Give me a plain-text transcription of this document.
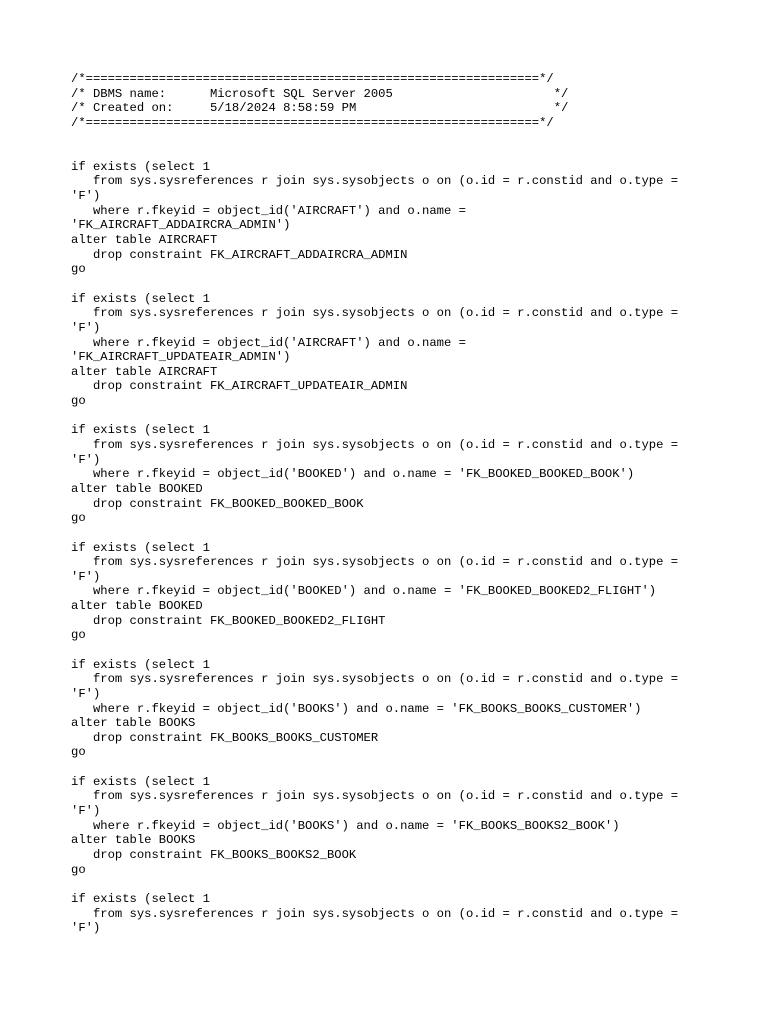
/*==============================================================*/
/* DBMS name:	Microsoft SQL Server 2005	*/
/* Created on:	5/18/2024 8:58:59 PM	*/
/*==============================================================*/
if exists (select 1
from sys.sysreferences r join sys.sysobjects o on (o.id = r.constid and o.type =
'F')
where r.fkeyid = object_id('AIRCRAFT') and o.name =
'FK_AIRCRAFT_ADDAIRCRA_ADMIN')
alter table AIRCRAFT
drop constraint FK_AIRCRAFT_ADDAIRCRA_ADMIN
go
if exists (select 1
from sys.sysreferences r join sys.sysobjects o on (o.id = r.constid and o.type =
'F')
where r.fkeyid = object_id('AIRCRAFT') and o.name =
'FK_AIRCRAFT_UPDATEAIR_ADMIN')
alter table AIRCRAFT
drop constraint FK_AIRCRAFT_UPDATEAIR_ADMIN
go
if exists (select 1
from sys.sysreferences r join sys.sysobjects o on (o.id = r.constid and o.type =
'F')
where r.fkeyid = object_id('BOOKED') and o.name = 'FK_BOOKED_BOOKED_BOOK')
alter table BOOKED
drop constraint FK_BOOKED_BOOKED_BOOK
go
if exists (select 1
from sys.sysreferences r join sys.sysobjects o on (o.id = r.constid and o.type =
'F')
where r.fkeyid = object_id('BOOKED') and o.name = 'FK_BOOKED_BOOKED2_FLIGHT')
alter table BOOKED
drop constraint FK_BOOKED_BOOKED2_FLIGHT
go
if exists (select 1
from sys.sysreferences r join sys.sysobjects o on (o.id = r.constid and o.type =
'F')
where r.fkeyid = object_id('BOOKS') and o.name = 'FK_BOOKS_BOOKS_CUSTOMER')
alter table BOOKS
drop constraint FK_BOOKS_BOOKS_CUSTOMER
go
if exists (select 1
from sys.sysreferences r join sys.sysobjects o on (o.id = r.constid and o.type =
'F')
where r.fkeyid = object_id('BOOKS') and o.name = 'FK_BOOKS_BOOKS2_BOOK')
alter table BOOKS
drop constraint FK_BOOKS_BOOKS2_BOOK
go
if exists (select 1
from sys.sysreferences r join sys.sysobjects o on (o.id = r.constid and o.type =
'F')
